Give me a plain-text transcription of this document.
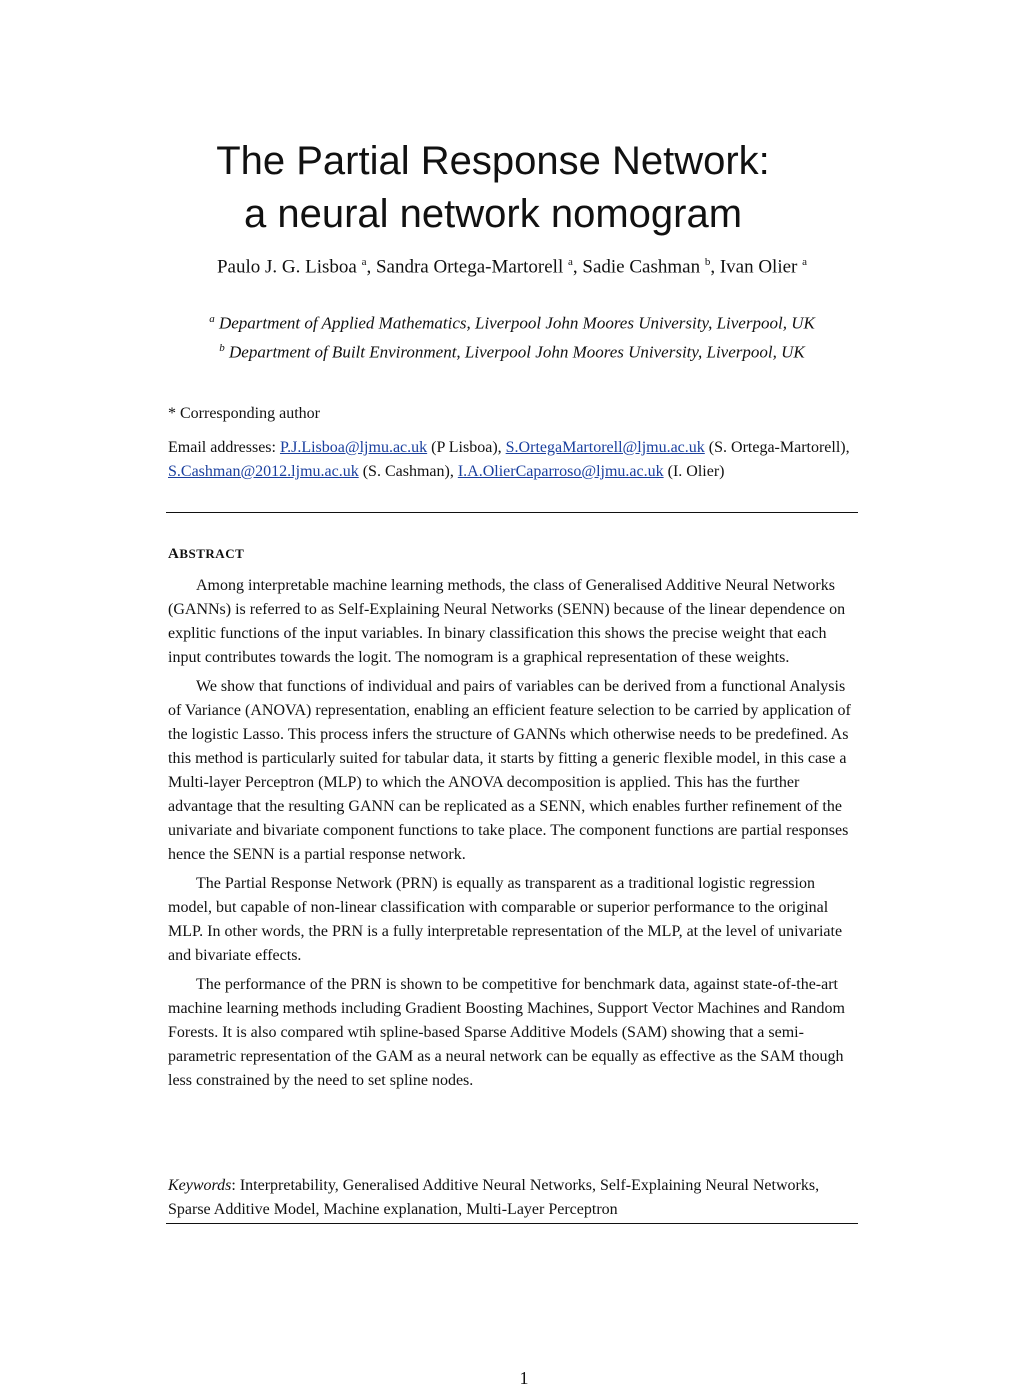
The Partial Response Network:
a neural network nomogram
Paulo J. G. Lisboa $^a$, Sandra Ortega-Martorell $^a$, Sadie Cashman $^b$, Ivan Olier $^a$
$^a$ Department of Applied Mathematics, Liverpool John Moores University, Liverpool, UK
$^b$ Department of Built Environment, Liverpool John Moores University, Liverpool, UK
* Corresponding author
Email addresses: P.J.Lisboa@ljmu.ac.uk (P Lisboa), S.OrtegaMartorell@ljmu.ac.uk (S. Ortega-Martorell),
S.Cashman@2012.ljmu.ac.uk (S. Cashman), I.A.OlierCaparroso@ljmu.ac.uk (I. Olier)
ABSTRACT

Among interpretable machine learning methods, the class of Generalised Additive Neural Networks (GANNs) is referred to as Self-Explaining Neural Networks (SENN) because of the linear dependence on explitic functions of the input variables. In binary classification this shows the precise weight that each input contributes towards the logit. The nomogram is a graphical representation of these weights.

We show that functions of individual and pairs of variables can be derived from a functional Analysis of Variance (ANOVA) representation, enabling an efficient feature selection to be carried by application of the logistic Lasso. This process infers the structure of GANNs which otherwise needs to be predefined. As this method is particularly suited for tabular data, it starts by fitting a generic flexible model, in this case a Multi-layer Perceptron (MLP) to which the ANOVA decomposition is applied. This has the further advantage that the resulting GANN can be replicated as a SENN, which enables further refinement of the univariate and bivariate component functions to take place. The component functions are partial responses hence the SENN is a partial response network.

The Partial Response Network (PRN) is equally as transparent as a traditional logistic regression model, but capable of non-linear classification with comparable or superior performance to the original MLP. In other words, the PRN is a fully interpretable representation of the MLP, at the level of univariate and bivariate effects.

The performance of the PRN is shown to be competitive for benchmark data, against state-of-the-art machine learning methods including Gradient Boosting Machines, Support Vector Machines and Random Forests. It is also compared wtih spline-based Sparse Additive Models (SAM) showing that a semi-parametric representation of the GAM as a neural network can be equally as effective as the SAM though less constrained by the need to set spline nodes.

Keywords: Interpretability, Generalised Additive Neural Networks, Self-Explaining Neural Networks, Sparse Additive Model, Machine explanation, Multi-Layer Perceptron
1
